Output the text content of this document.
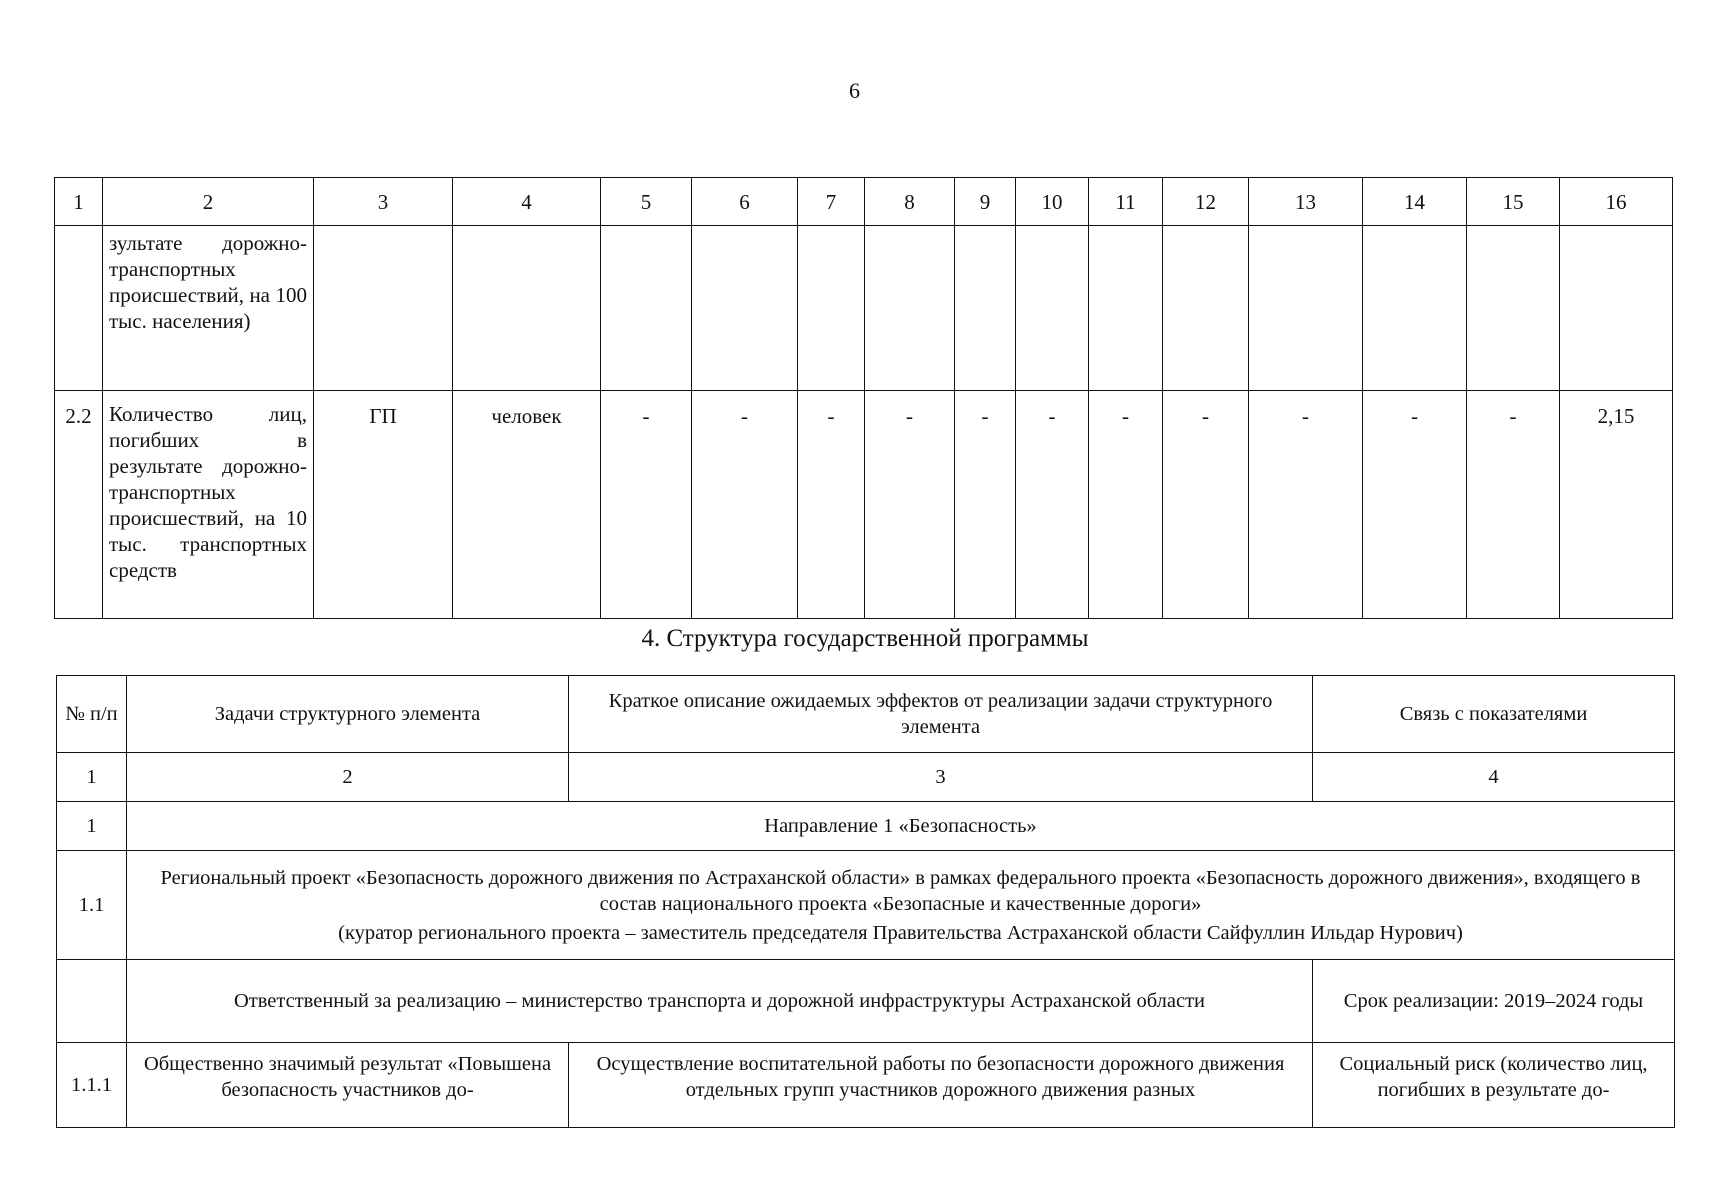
6
1	2	3	4	5	6	7	8	9	10	11	12	13	14	15	16
	зультате дорожно-транспортных происшествий, на 100 тыс. населения)														
2.2	Количество лиц, погибших в результате дорожно-транспортных происшествий, на 10 тыс. транспортных средств	ГП	человек	-	-	-	-	-	-	-	-	-	-	-	2,15
4. Структура государственной программы
№ п/п	Задачи структурного элемента	Краткое описание ожидаемых эффектов от реализации задачи структурного элемента	Связь с показателями
1	2	3	4
1	Направление 1 «Безопасность»		
1.1	Региональный проект «Безопасность дорожного движения по Астраханской области» в рамках федерального проекта «Безопасность дорожного движения», входящего в состав национального проекта «Безопасные и качественные дороги»
(куратор регионального проекта – заместитель председателя Правительства Астраханской области Сайфуллин Ильдар Нурович)		

	Ответственный за реализацию – министерство транспорта и дорожной инфраструктуры Астраханской области		Срок реализации: 2019–2024 годы
1.1.1	Общественно значимый результат «Повышена безопасность участников до-	Осуществление воспитательной работы по безопасности дорожного движения отдельных групп участников дорожного движения разных	Социальный риск (количество лиц, погибших в результате до-
